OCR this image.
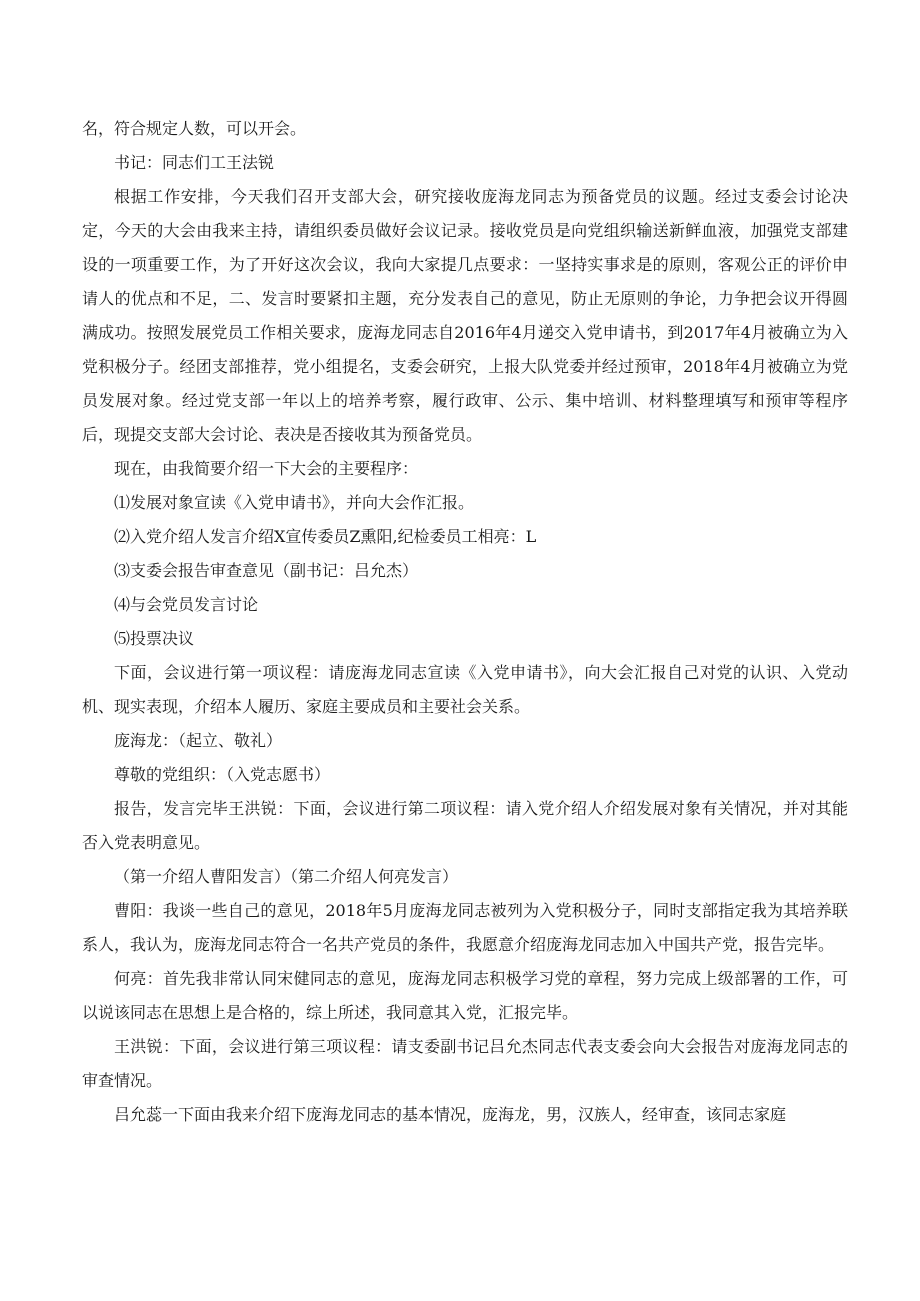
名，符合规定人数，可以开会。

书记：同志们工王法锐

根据工作安排，今天我们召开支部大会，研究接收庞海龙同志为预备党员的议题。经过支委会讨论决定，今天的大会由我来主持，请组织委员做好会议记录。接收党员是向党组织输送新鲜血液，加强党支部建设的一项重要工作，为了开好这次会议，我向大家提几点要求：一坚持实事求是的原则，客观公正的评价申请人的优点和不足，二、发言时要紧扣主题，充分发表自己的意见，防止无原则的争论，力争把会议开得圆满成功。按照发展党员工作相关要求，庞海龙同志自2016年4月递交入党申请书，到2017年4月被确立为入党积极分子。经团支部推荐，党小组提名，支委会研究，上报大队党委并经过预审，2018年4月被确立为党员发展对象。经过党支部一年以上的培养考察，履行政审、公示、集中培训、材料整理填写和预审等程序后，现提交支部大会讨论、表决是否接收其为预备党员。

现在，由我简要介绍一下大会的主要程序：

⑴发展对象宣读《入党申请书》，并向大会作汇报。

⑵入党介绍人发言介绍X宣传委员Z熏阳,纪检委员工相亮：L

⑶支委会报告审查意见（副书记：吕允杰）

⑷与会党员发言讨论

⑸投票决议

下面，会议进行第一项议程：请庞海龙同志宣读《入党申请书》，向大会汇报自己对党的认识、入党动机、现实表现，介绍本人履历、家庭主要成员和主要社会关系。

庞海龙：（起立、敬礼）

尊敬的党组织：（入党志愿书）

报告，发言完毕王洪锐：下面，会议进行第二项议程：请入党介绍人介绍发展对象有关情况，并对其能否入党表明意见。

（第一介绍人曹阳发言）（第二介绍人何亮发言）

曹阳：我谈一些自己的意见，2018年5月庞海龙同志被列为入党积极分子，同时支部指定我为其培养联系人，我认为，庞海龙同志符合一名共产党员的条件，我愿意介绍庞海龙同志加入中国共产党，报告完毕。

何亮：首先我非常认同宋健同志的意见，庞海龙同志积极学习党的章程，努力完成上级部署的工作，可以说该同志在思想上是合格的，综上所述，我同意其入党，汇报完毕。

王洪锐：下面，会议进行第三项议程：请支委副书记吕允杰同志代表支委会向大会报告对庞海龙同志的审查情况。

吕允蕊一下面由我来介绍下庞海龙同志的基本情况，庞海龙，男，汉族人，经审查，该同志家庭
